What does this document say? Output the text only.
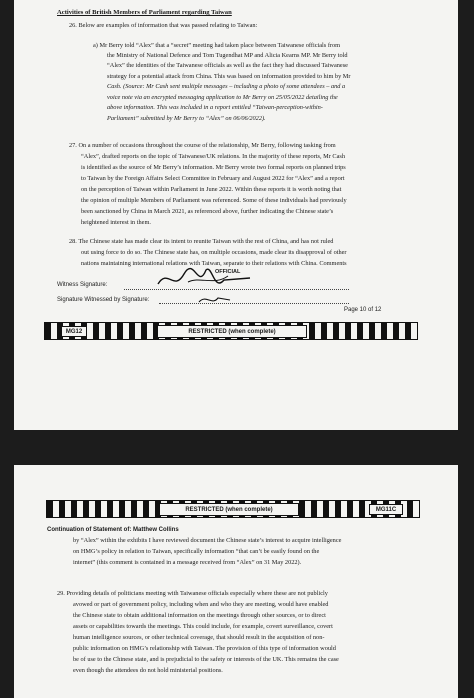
Activities of British Members of Parliament regarding Taiwan
26. Below are examples of information that was passed relating to Taiwan:
a) Mr Berry told “Alex” that a “secret” meeting had taken place between Taiwanese officials from
the Ministry of National Defence and Tom Tugendhat MP and Alicia Kearns MP. Mr Berry told
“Alex” the identities of the Taiwanese officials as well as the fact they had discussed Taiwanese
strategy for a potential attack from China. This was based on information provided to him by Mr
Cash. (Source: Mr Cash sent multiple messages – including a photo of some attendees – and a
voice note via an encrypted messaging application to Mr Berry on 25/05/2022 detailing the
above information. This was included in a report entitled “Taiwan-perception-within-
Parliament” submitted by Mr Berry to “Alex” on 06/06/2022).
27. On a number of occasions throughout the course of the relationship, Mr Berry, following tasking from
“Alex”, drafted reports on the topic of Taiwanese/UK relations. In the majority of these reports, Mr Cash
is identified as the source of Mr Berry’s information. Mr Berry wrote two formal reports on planned trips
to Taiwan by the Foreign Affairs Select Committee in February and August 2022 for “Alex” and a report
on the perception of Taiwan within Parliament in June 2022. Within these reports it is worth noting that
the opinion of multiple Members of Parliament was referenced. Some of these individuals had previously
been sanctioned by China in March 2021, as referenced above, further indicating the Chinese state’s
heightened interest in them.
28. The Chinese state has made clear its intent to reunite Taiwan with the rest of China, and has not ruled
out using force to do so. The Chinese state has, on multiple occasions, made clear its disapproval of other
nations maintaining international relations with Taiwan, separate to their relations with China. Comments
OFFICIAL
Witness Signature:
Signature Witnessed by Signature:
Page 10 of 12
MG12	RESTRICTED (when complete)
RESTRICTED (when complete)	MG11C
Continuation of Statement of: Matthew Collins
by “Alex” within the exhibits I have reviewed document the Chinese state’s interest to acquire intelligence
on HMG’s policy in relation to Taiwan, specifically information “that can’t be easily found on the
internet” (this comment is contained in a message received from “Alex” on 31 May 2022).
29. Providing details of politicians meeting with Taiwanese officials especially where these are not publicly
avowed or part of government policy, including when and who they are meeting, would have enabled
the Chinese state to obtain additional information on the meetings through other sources, or to direct
assets or capabilities towards the meetings. This could include, for example, covert surveillance, covert
human intelligence sources, or other technical coverage, that should result in the acquisition of non-
public information on HMG’s relationship with Taiwan. The provision of this type of information would
be of use to the Chinese state, and is prejudicial to the safety or interests of the UK. This remains the case
even though the attendees do not hold ministerial positions.
